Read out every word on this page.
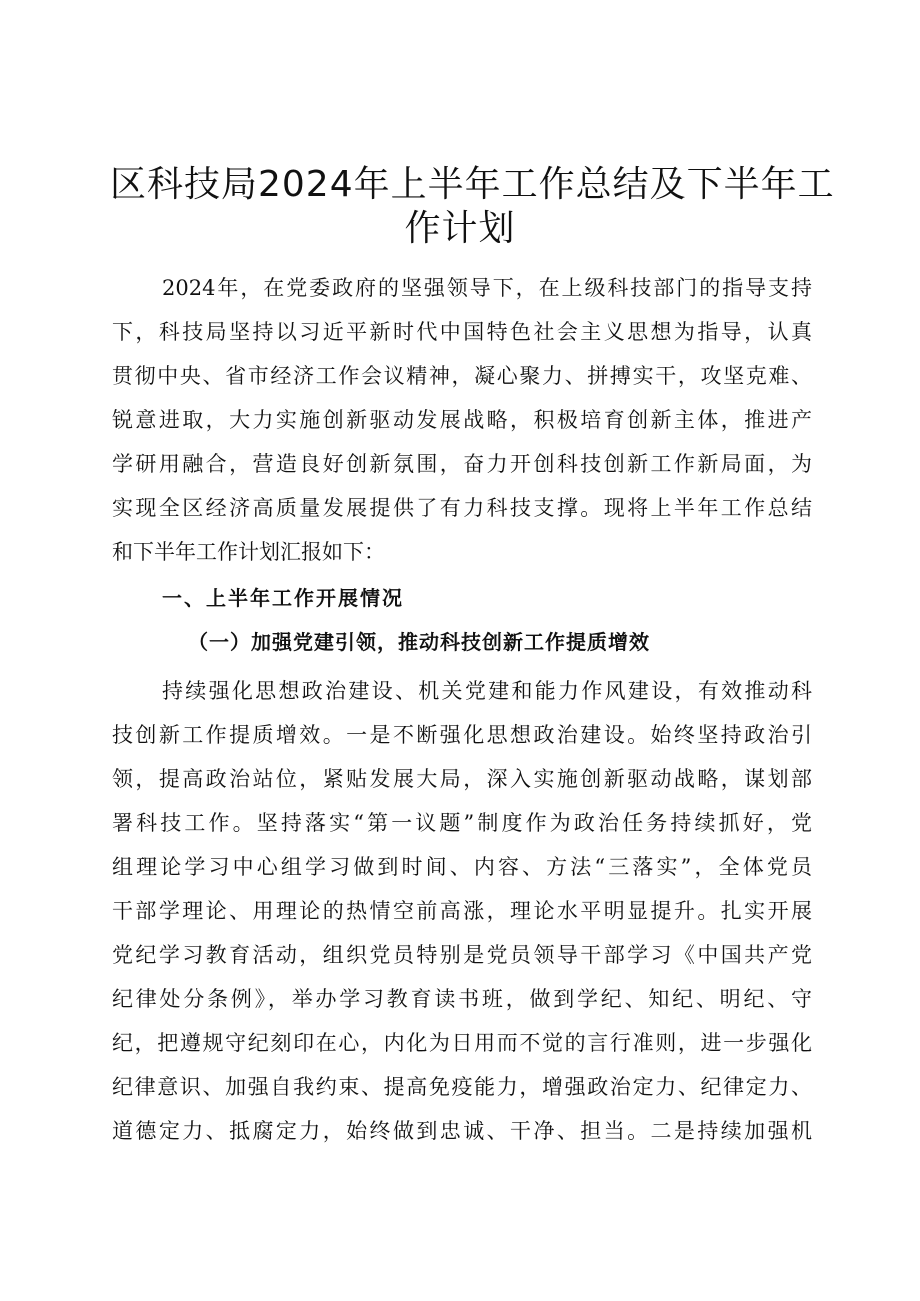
区科技局2024年上半年工作总结及下半年工
作计划
2024年，在党委政府的坚强领导下，在上级科技部门的指导支持
下，科技局坚持以习近平新时代中国特色社会主义思想为指导，认真
贯彻中央、省市经济工作会议精神，凝心聚力、拼搏实干，攻坚克难、
锐意进取，大力实施创新驱动发展战略，积极培育创新主体，推进产
学研用融合，营造良好创新氛围，奋力开创科技创新工作新局面，为
实现全区经济高质量发展提供了有力科技支撑。现将上半年工作总结
和下半年工作计划汇报如下：
一、上半年工作开展情况
（一）加强党建引领，推动科技创新工作提质增效
持续强化思想政治建设、机关党建和能力作风建设，有效推动科
技创新工作提质增效。一是不断强化思想政治建设。始终坚持政治引
领，提高政治站位，紧贴发展大局，深入实施创新驱动战略，谋划部
署科技工作。坚持落实“第一议题”制度作为政治任务持续抓好，党
组理论学习中心组学习做到时间、内容、方法“三落实”，全体党员
干部学理论、用理论的热情空前高涨，理论水平明显提升。扎实开展
党纪学习教育活动，组织党员特别是党员领导干部学习《中国共产党
纪律处分条例》，举办学习教育读书班，做到学纪、知纪、明纪、守
纪，把遵规守纪刻印在心，内化为日用而不觉的言行准则，进一步强化
纪律意识、加强自我约束、提高免疫能力，增强政治定力、纪律定力、
道德定力、抵腐定力，始终做到忠诚、干净、担当。二是持续加强机
